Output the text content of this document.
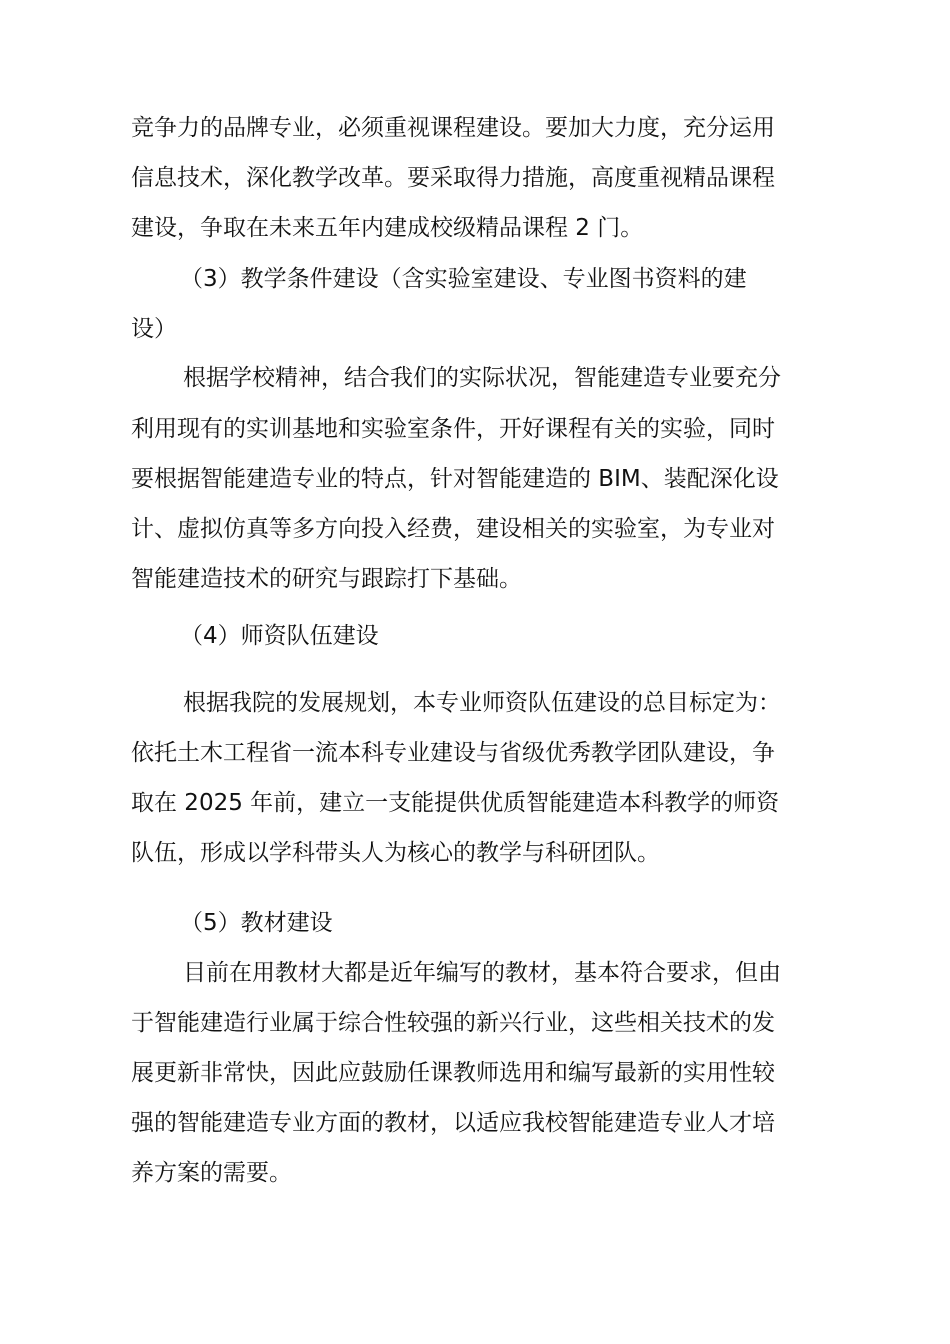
竞争力的品牌专业，必须重视课程建设。要加大力度，充分运用
信息技术，深化教学改革。要采取得力措施，高度重视精品课程
建设，争取在未来五年内建成校级精品课程 2 门。
（3）教学条件建设（含实验室建设、专业图书资料的建
设）
根据学校精神，结合我们的实际状况，智能建造专业要充分
利用现有的实训基地和实验室条件，开好课程有关的实验，同时
要根据智能建造专业的特点，针对智能建造的 BIM、装配深化设
计、虚拟仿真等多方向投入经费，建设相关的实验室，为专业对
智能建造技术的研究与跟踪打下基础。
（4）师资队伍建设
根据我院的发展规划，本专业师资队伍建设的总目标定为：
依托土木工程省一流本科专业建设与省级优秀教学团队建设，争
取在 2025 年前，建立一支能提供优质智能建造本科教学的师资
队伍，形成以学科带头人为核心的教学与科研团队。
（5）教材建设
目前在用教材大都是近年编写的教材，基本符合要求，但由
于智能建造行业属于综合性较强的新兴行业，这些相关技术的发
展更新非常快，因此应鼓励任课教师选用和编写最新的实用性较
强的智能建造专业方面的教材，以适应我校智能建造专业人才培
养方案的需要。
